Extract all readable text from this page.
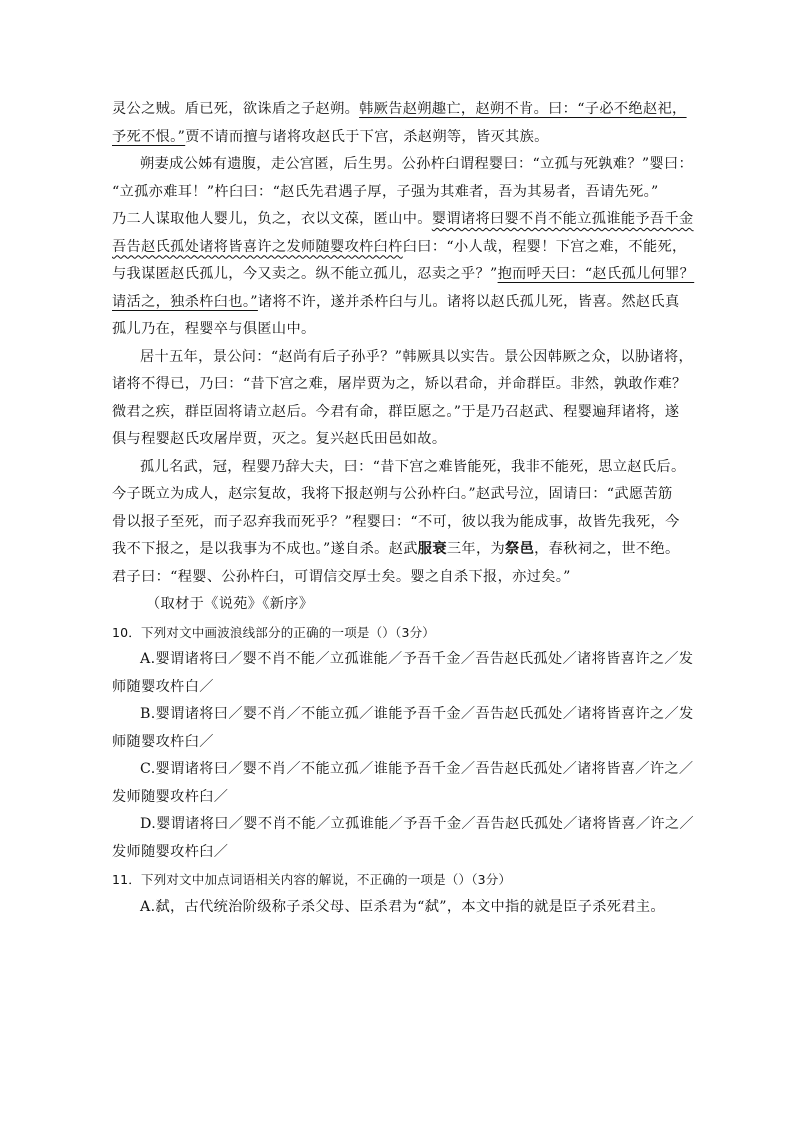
灵公之贼。盾已死，欲诛盾之子赵朔。韩厥告赵朔趣亡，赵朔不肯。曰：“子必不绝赵祀，
予死不恨。”贾不请而擅与诸将攻赵氏于下宫，杀赵朔等，皆灭其族。
朔妻成公姊有遗腹，走公宫匿，后生男。公孙杵臼谓程婴曰：“立孤与死孰难？”婴曰：
“立孤亦难耳！”杵臼曰：“赵氏先君遇子厚，子强为其难者，吾为其易者，吾请先死。”
乃二人谋取他人婴儿，负之，衣以文葆，匿山中。婴谓诸将曰婴不肖不能立孤谁能予吾千金
吾告赵氏孤处诸将皆喜许之发师随婴攻杵臼杵臼曰：“小人哉，程婴！下宫之难，不能死，
与我谋匿赵氏孤儿，今又卖之。纵不能立孤儿，忍卖之乎？”抱而呼天曰：“赵氏孤儿何罪？
请活之，独杀杵臼也。”诸将不许，遂并杀杵臼与儿。诸将以赵氏孤儿死，皆喜。然赵氏真
孤儿乃在，程婴卒与俱匿山中。
居十五年，景公问：“赵尚有后子孙乎？”韩厥具以实告。景公因韩厥之众，以胁诸将，
诸将不得已，乃曰：“昔下宫之难，屠岸贾为之，矫以君命，并命群臣。非然，孰敢作难？
微君之疾，群臣固将请立赵后。今君有命，群臣愿之。”于是乃召赵武、程婴遍拜诸将，遂
俱与程婴赵氏攻屠岸贾，灭之。复兴赵氏田邑如故。
孤儿名武，冠，程婴乃辞大夫，曰：“昔下宫之难皆能死，我非不能死，思立赵氏后。
今子既立为成人，赵宗复故，我将下报赵朔与公孙杵臼。”赵武号泣，固请曰：“武愿苦筋
骨以报子至死，而子忍弃我而死乎？”程婴曰：“不可，彼以我为能成事，故皆先我死，今
我不下报之，是以我事为不成也。”遂自杀。赵武服衰三年，为祭邑，春秋祠之，世不绝。
君子曰：“程婴、公孙杵臼，可谓信交厚士矣。婴之自杀下报，亦过矣。”
（取材于《说苑》《新序》
10．下列对文中画波浪线部分的正确的一项是（）（3分）
A.婴谓诸将曰／婴不肖不能／立孤谁能／予吾千金／吾告赵氏孤处／诸将皆喜许之／发
师随婴攻杵白／
B.婴谓诸将曰／婴不肖／不能立孤／谁能予吾千金／吾告赵氏孤处／诸将皆喜许之／发
师随婴攻杵臼／
C.婴谓诸将曰／婴不肖／不能立孤／谁能予吾千金／吾告赵氏孤处／诸将皆喜／许之／
发师随婴攻杵臼／
D.婴谓诸将曰／婴不肖不能／立孤谁能／予吾千金／吾告赵氏孤处／诸将皆喜／许之／
发师随婴攻杵臼／
11．下列对文中加点词语相关内容的解说，不正确的一项是（）（3分）
A.弑，古代统治阶级称子杀父母、臣杀君为“弑”，本文中指的就是臣子杀死君主。
